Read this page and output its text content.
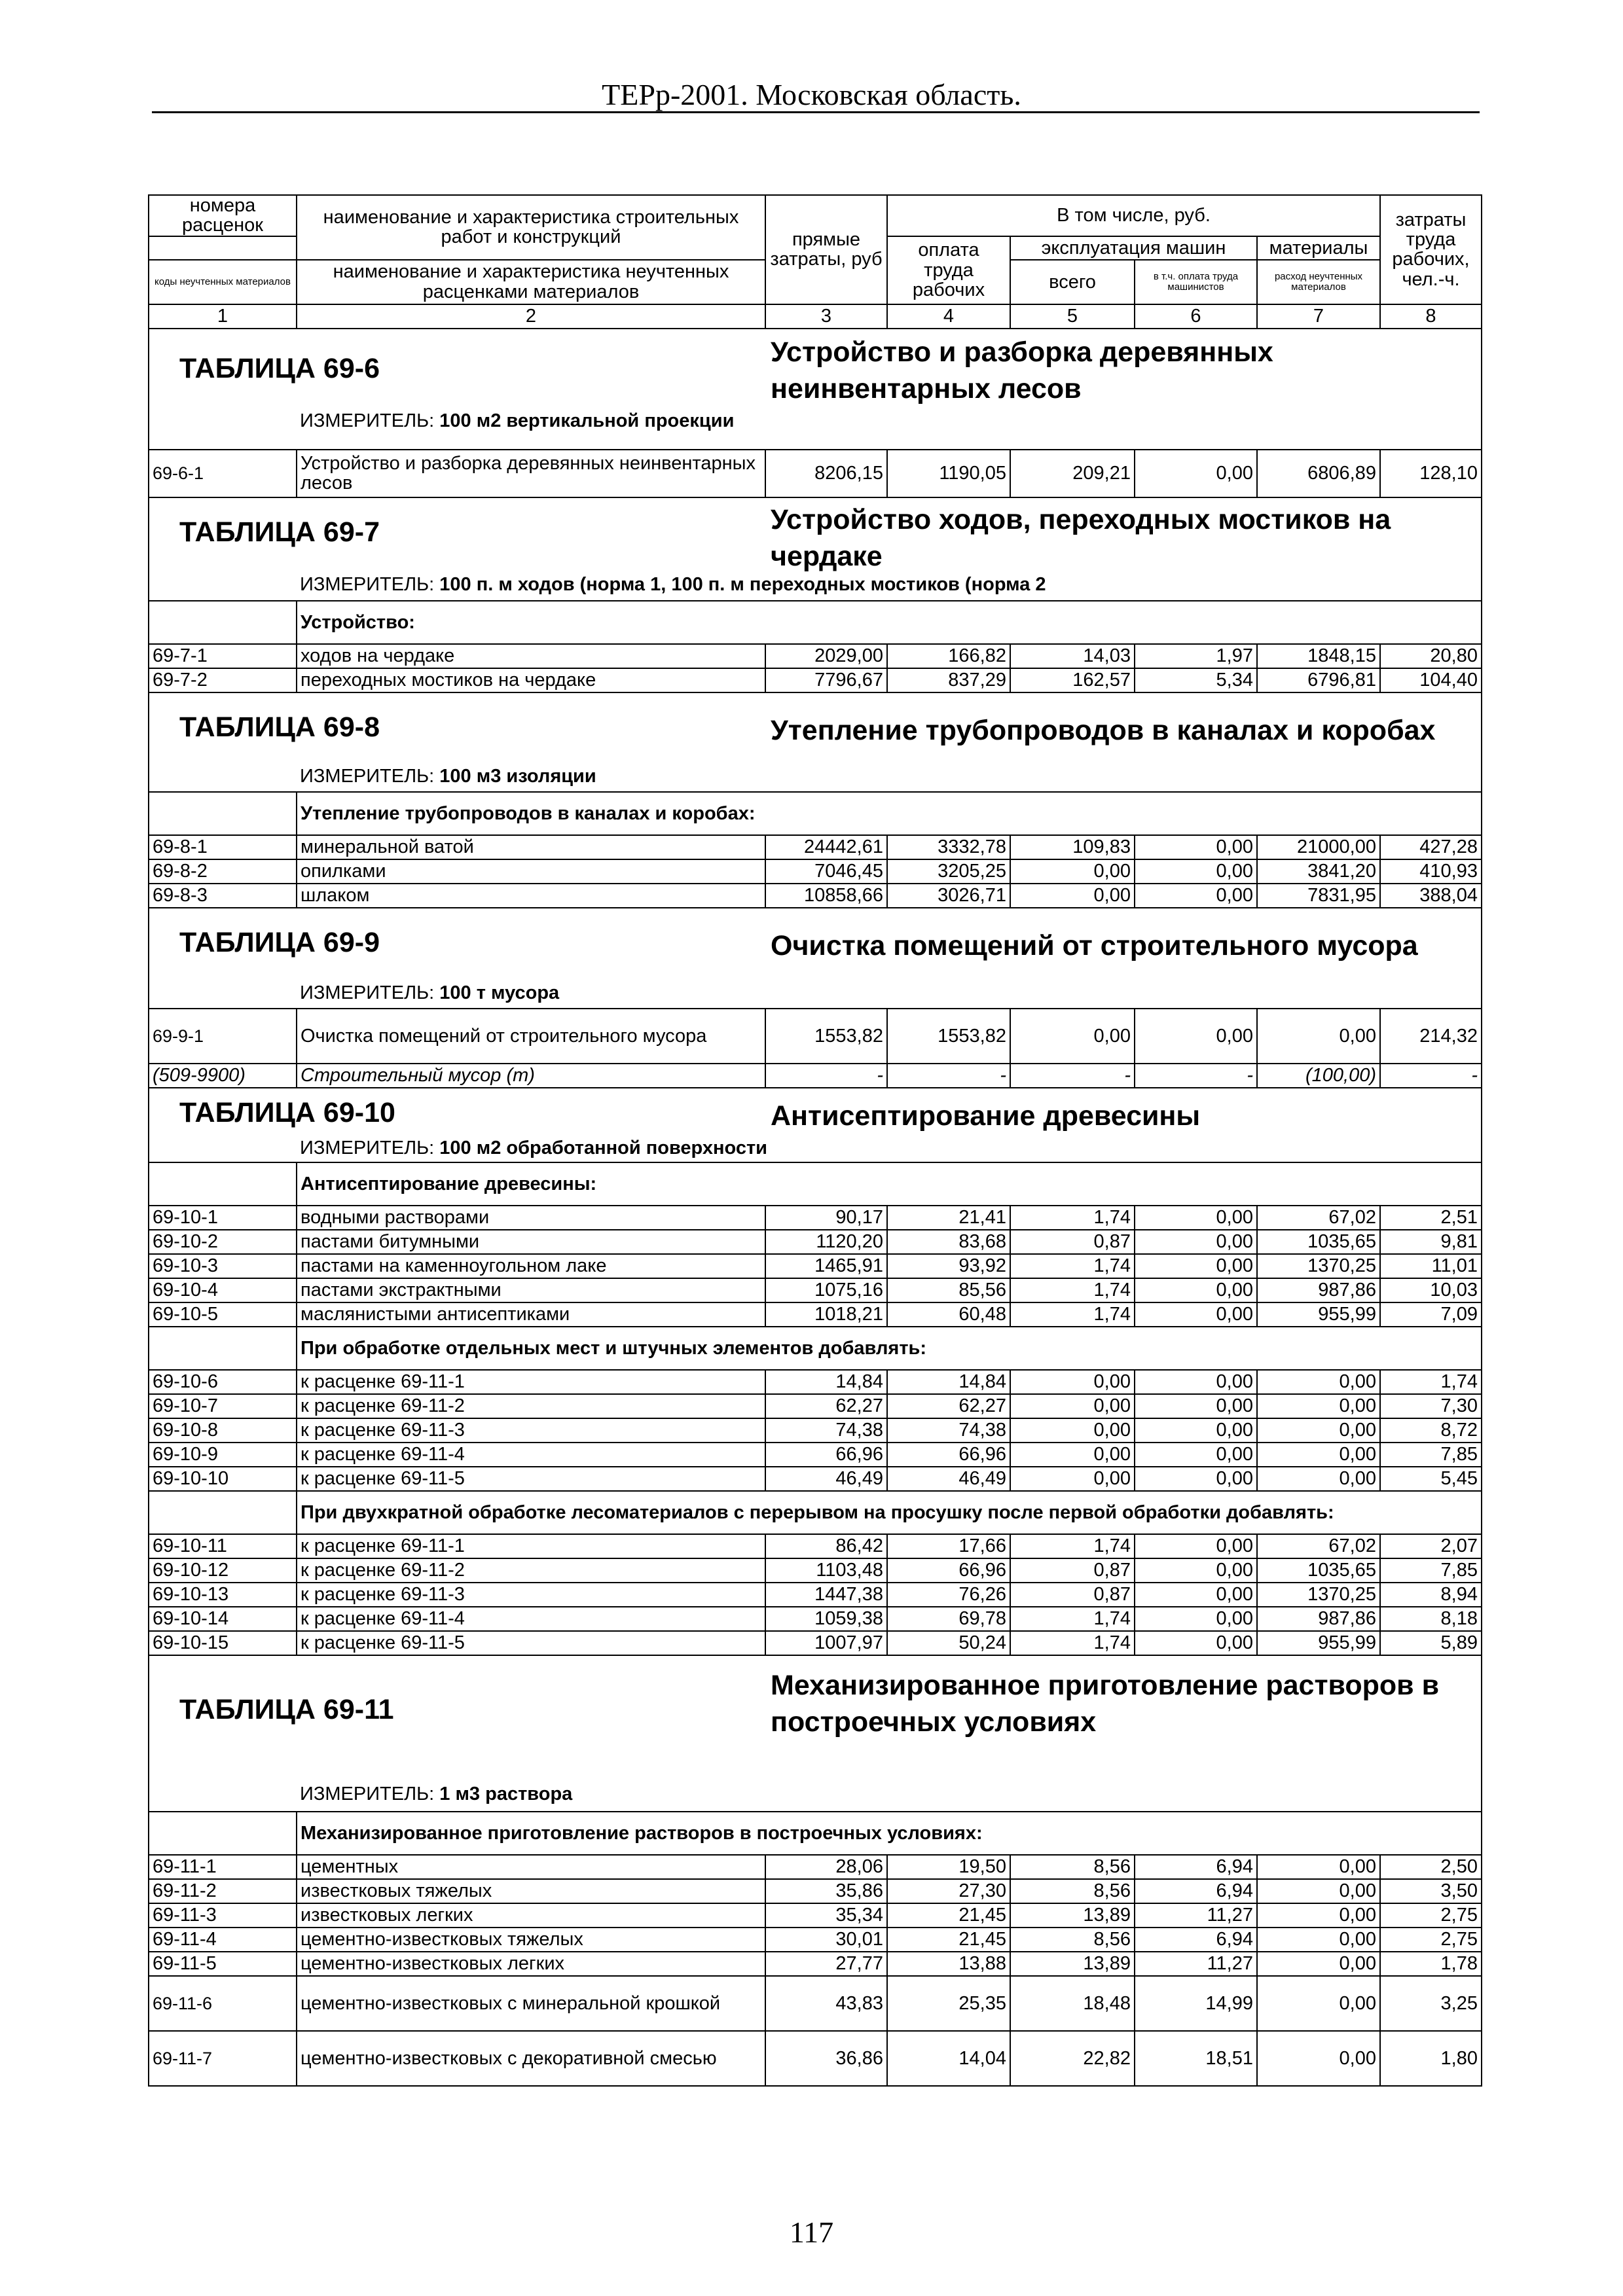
ТЕРр-2001. Московская область.
номера расценок	наименование и характеристика строительных работ и конструкций	прямые затраты, руб	В том числе, руб.				затраты труда рабочих, чел.-ч.
			оплата труда рабочих	эксплуатация машин		материалы	
коды неучтенных материалов	наименование и характеристика неучтенных расценками материалов			всего	в т.ч. оплата труда машинистов	расход неучтенных материалов	

1	2	3	4	5	6	7	8

ТАБЛИЦА 69-6
Устройство и разборка деревянных неинвентарных лесов
ИЗМЕРИТЕЛЬ: 100 м2 вертикальной проекции							

69-6-1	Устройство и разборка деревянных неинвентарных лесов	8206,15	1190,05	209,21	0,00	6806,89	128,10

ТАБЛИЦА 69-7 Устройство ходов, переходных мостиков на чердаке
ИЗМЕРИТЕЛЬ: 100 п. м ходов (норма 1, 100 п. м переходных мостиков (норма 2							

	Устройство:						
69-7-1	ходов на чердаке	2029,00	166,82	14,03	1,97	1848,15	20,80
69-7-2	переходных мостиков на чердаке	7796,67	837,29	162,57	5,34	6796,81	104,40

ТАБЛИЦА 69-8 Утепление трубопроводов в каналах и коробах
ИЗМЕРИТЕЛЬ: 100 м3 изоляции							

	Утепление трубопроводов в каналах и коробах:						
69-8-1	минеральной ватой	24442,61	3332,78	109,83	0,00	21000,00	427,28
69-8-2	опилками	7046,45	3205,25	0,00	0,00	3841,20	410,93
69-8-3	шлаком	10858,66	3026,71	0,00	0,00	7831,95	388,04

ТАБЛИЦА 69-9 Очистка помещений от строительного мусора
ИЗМЕРИТЕЛЬ: 100 т мусора							

69-9-1	Очистка помещений от строительного мусора	1553,82	1553,82	0,00	0,00	0,00	214,32
(509-9900)	Строительный мусор (т)	-	-	-	-	(100,00)	-

ТАБЛИЦА 69-10 Антисептирование древесины
ИЗМЕРИТЕЛЬ: 100 м2 обработанной поверхности							

	Антисептирование древесины:						
69-10-1	водными растворами	90,17	21,41	1,74	0,00	67,02	2,51
69-10-2	пастами битумными	1120,20	83,68	0,87	0,00	1035,65	9,81
69-10-3	пастами на каменноугольном лаке	1465,91	93,92	1,74	0,00	1370,25	11,01
69-10-4	пастами экстрактными	1075,16	85,56	1,74	0,00	987,86	10,03
69-10-5	маслянистыми антисептиками	1018,21	60,48	1,74	0,00	955,99	7,09
	При обработке отдельных мест и штучных элементов добавлять:						
69-10-6	к расценке 69-11-1	14,84	14,84	0,00	0,00	0,00	1,74
69-10-7	к расценке 69-11-2	62,27	62,27	0,00	0,00	0,00	7,30
69-10-8	к расценке 69-11-3	74,38	74,38	0,00	0,00	0,00	8,72
69-10-9	к расценке 69-11-4	66,96	66,96	0,00	0,00	0,00	7,85
69-10-10	к расценке 69-11-5	46,49	46,49	0,00	0,00	0,00	5,45
	При двухкратной обработке лесоматериалов с перерывом на просушку после первой обработки добавлять:						
69-10-11	к расценке 69-11-1	86,42	17,66	1,74	0,00	67,02	2,07
69-10-12	к расценке 69-11-2	1103,48	66,96	0,87	0,00	1035,65	7,85
69-10-13	к расценке 69-11-3	1447,38	76,26	0,87	0,00	1370,25	8,94
69-10-14	к расценке 69-11-4	1059,38	69,78	1,74	0,00	987,86	8,18
69-10-15	к расценке 69-11-5	1007,97	50,24	1,74	0,00	955,99	5,89

ТАБЛИЦА 69-11
Механизированное приготовление растворов в построечных условиях
ИЗМЕРИТЕЛЬ: 1 м3 раствора							

	Механизированное приготовление растворов в построечных условиях:						
69-11-1	цементных	28,06	19,50	8,56	6,94	0,00	2,50
69-11-2	известковых тяжелых	35,86	27,30	8,56	6,94	0,00	3,50
69-11-3	известковых легких	35,34	21,45	13,89	11,27	0,00	2,75
69-11-4	цементно-известковых тяжелых	30,01	21,45	8,56	6,94	0,00	2,75
69-11-5	цементно-известковых легких	27,77	13,88	13,89	11,27	0,00	1,78
69-11-6	цементно-известковых с минеральной крошкой	43,83	25,35	18,48	14,99	0,00	3,25
69-11-7	цементно-известковых с декоративной смесью	36,86	14,04	22,82	18,51	0,00	1,80
117
